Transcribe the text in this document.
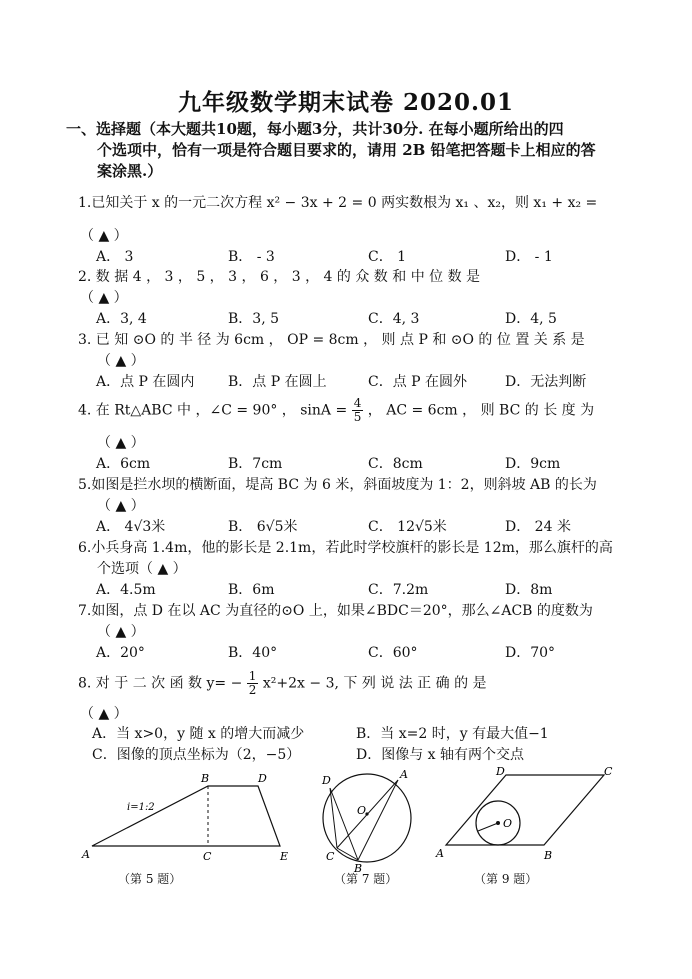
九年级数学期末试卷 2020.01
一、选择题（本大题共10题，每小题3分，共计30分. 在每小题所给出的四
个选项中，恰有一项是符合题目要求的，请用 2B 铅笔把答题卡上相应的答
案涂黑.）
1.已知关于 x 的一元二次方程 x² − 3x + 2 = 0 两实数根为 x₁ 、x₂，则 x₁ + x₂ =
（ ▲ ）
A． 3	B． - 3	C． 1	D． - 1
2. 数 据 4 ， 3 ， 5 ， 3 ， 6 ， 3 ， 4 的 众 数 和 中 位 数 是
（ ▲ ）
A．3, 4	B．3, 5	C．4, 3	D．4, 5
3. 已 知 ⊙O 的 半 径 为 6cm ， OP = 8cm ， 则 点 P 和 ⊙O 的 位 置 关 系 是
（ ▲ ）
A．点 P 在圆内 B．点 P 在圆上	C．点 P 在圆外	D．无法判断
4. 在 Rt△ABC 中 ，∠C = 90° ， $\sin A = \frac{4}{5}$ ， AC = 6cm ， 则 BC 的 长 度 为
（ ▲ ）
A．6cm	B．7cm	C．8cm	D．9cm
5.如图是拦水坝的横断面，堤高 BC 为 6 米，斜面坡度为 1：2，则斜坡 AB 的长为
（ ▲ ）
A． 4√3米	B． 6√5米	C． 12√5米	D． 24 米
6.小兵身高 1.4m，他的影长是 2.1m，若此时学校旗杆的影长是 12m，那么旗杆的高
个选项（ ▲ ）
A．4.5m	B．6m	C．7.2m	D．8m
7.如图，点 D 在以 AC 为直径的⊙O 上，如果∠BDC＝20°，那么∠ACB 的度数为
（ ▲ ）
A．20°	B．40°	C．60°	D．70°
8. 对 于 二 次 函 数 $y= - \frac{1}{2} x^2+2x - 3$, 下 列 说 法 正 确 的 是
（ ▲ ）
A．当 x>0，y 随 x 的增大而减少	B．当 x=2 时，y 有最大值−1
C．图像的顶点坐标为（2，−5）	D．图像与 x 轴有两个交点
i=1:2
A
B
C
D
E
（第 5 题）
D	A
O
C
B
（第 7 题）
D	C
O
A	B
（第 9 题）
